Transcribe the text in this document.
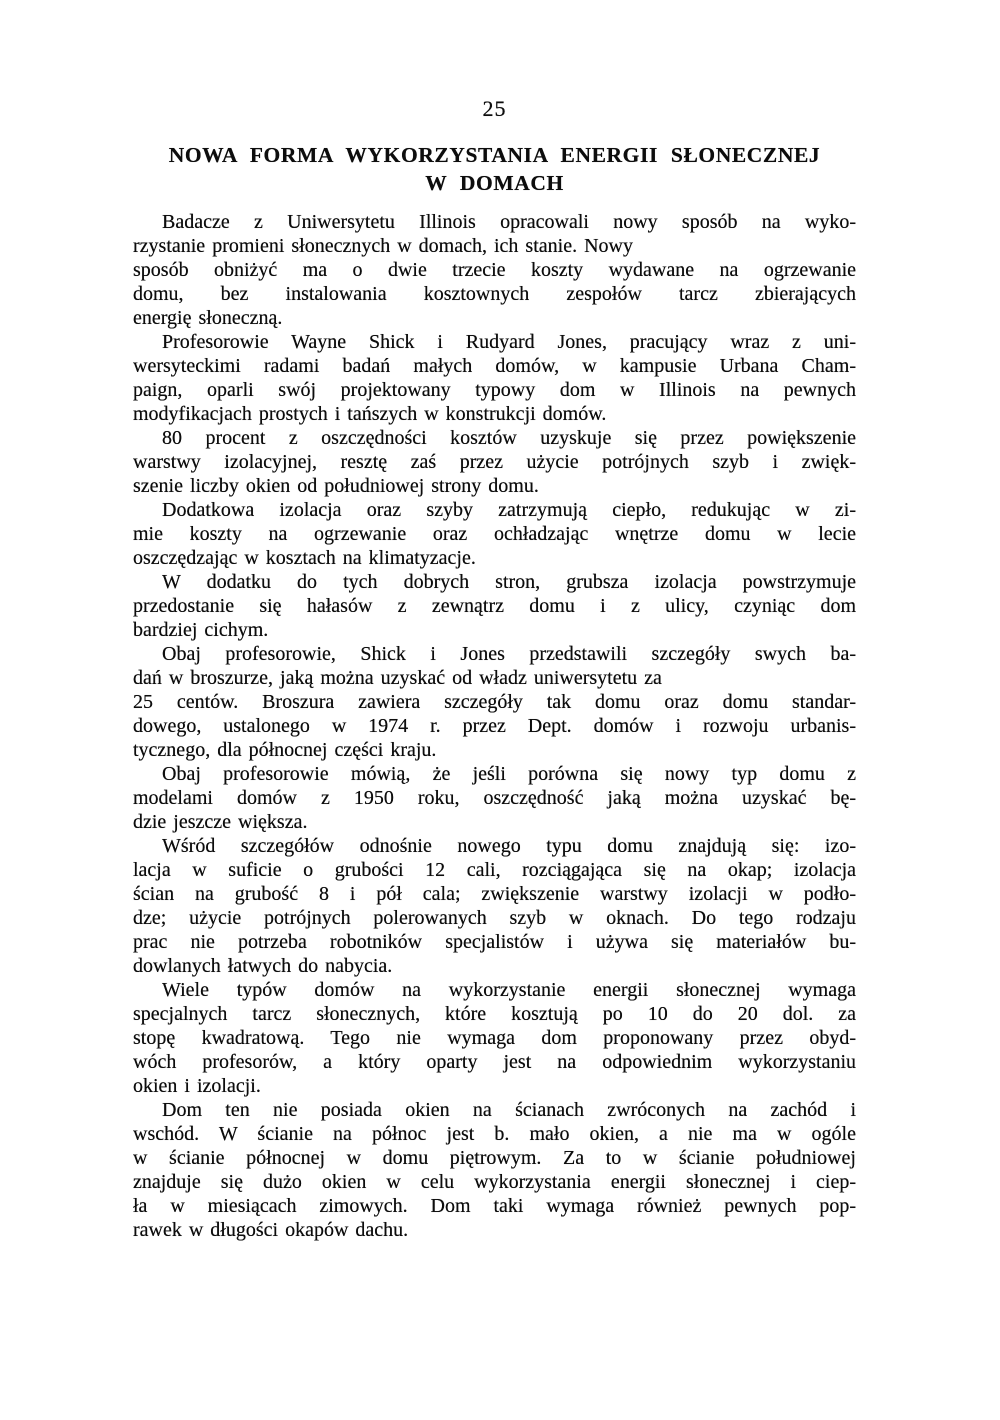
25
NOWA FORMA WYKORZYSTANIA ENERGII SŁONECZNEJ
W DOMACH
Badacze z Uniwersytetu Illinois opracowali nowy sposób na wyko-
rzystanie promieni słonecznych w domach, ich stanie. Nowy
sposób obniżyć ma o dwie trzecie koszty wydawane na ogrzewanie
domu, bez instalowania kosztownych zespołów tarcz zbierających
energię słoneczną.
Profesorowie Wayne Shick i Rudyard Jones, pracujący wraz z uni-
wersyteckimi radami badań małych domów, w kampusie Urbana Cham-
paign, oparli swój projektowany typowy dom w Illinois na pewnych
modyfikacjach prostych i tańszych w konstrukcji domów.
80 procent z oszczędności kosztów uzyskuje się przez powiększenie
warstwy izolacyjnej, resztę zaś przez użycie potrójnych szyb i zwięk-
szenie liczby okien od południowej strony domu.
Dodatkowa izolacja oraz szyby zatrzymują ciepło, redukując w zi-
mie koszty na ogrzewanie oraz ochładzając wnętrze domu w lecie
oszczędzając w kosztach na klimatyzacje.
W dodatku do tych dobrych stron, grubsza izolacja powstrzymuje
przedostanie się hałasów z zewnątrz domu i z ulicy, czyniąc dom
bardziej cichym.
Obaj profesorowie, Shick i Jones przedstawili szczegóły swych ba-
dań w broszurze, jaką można uzyskać od władz uniwersytetu za
25 centów. Broszura zawiera szczegóły tak domu oraz domu standar-
dowego, ustalonego w 1974 r. przez Dept. domów i rozwoju urbanis-
tycznego, dla północnej części kraju.
Obaj profesorowie mówią, że jeśli porówna się nowy typ domu z
modelami domów z 1950 roku, oszczędność jaką można uzyskać bę-
dzie jeszcze większa.
Wśród szczegółów odnośnie nowego typu domu znajdują się: izo-
lacja w suficie o grubości 12 cali, rozciągająca się na okap; izolacja
ścian na grubość 8 i pół cala; zwiększenie warstwy izolacji w podło-
dze; użycie potrójnych polerowanych szyb w oknach. Do tego rodzaju
prac nie potrzeba robotników specjalistów i używa się materiałów bu-
dowlanych łatwych do nabycia.
Wiele typów domów na wykorzystanie energii słonecznej wymaga
specjalnych tarcz słonecznych, które kosztują po 10 do 20 dol. za
stopę kwadratową. Tego nie wymaga dom proponowany przez obyd-
wóch profesorów, a który oparty jest na odpowiednim wykorzystaniu
okien i izolacji.
Dom ten nie posiada okien na ścianach zwróconych na zachód i
wschód. W ścianie na północ jest b. mało okien, a nie ma w ogóle
w ścianie północnej w domu piętrowym. Za to w ścianie południowej
znajduje się dużo okien w celu wykorzystania energii słonecznej i ciep-
ła w miesiącach zimowych. Dom taki wymaga również pewnych pop-
rawek w długości okapów dachu.
